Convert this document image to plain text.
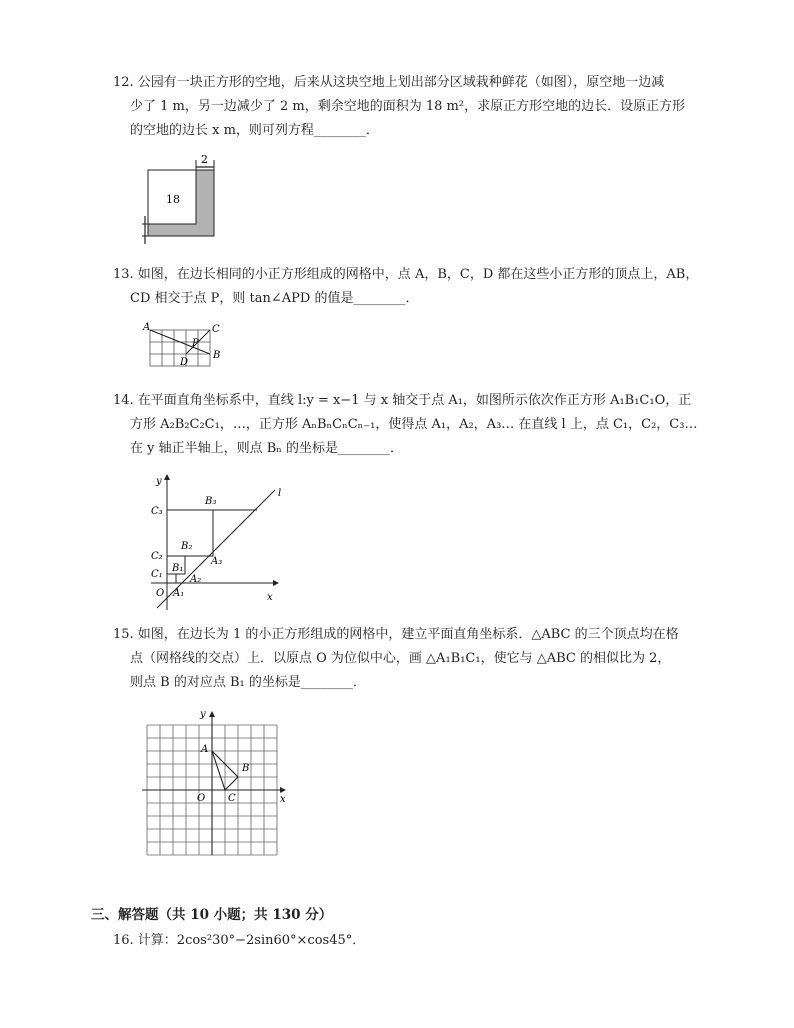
12. 公园有一块正方形的空地，后来从这块空地上划出部分区域栽种鲜花（如图），原空地一边减
少了 1 m，另一边减少了 2 m，剩余空地的面积为 18 m²，求原正方形空地的边长．设原正方形
的空地的边长 x m，则可列方程________．
2
18
13. 如图，在边长相同的小正方形组成的网格中，点 A，B，C，D 都在这些小正方形的顶点上，AB，
CD 相交于点 P，则 tan∠APD 的值是________．
A	C
P
B
D
14. 在平面直角坐标系中，直线 l:y = x−1 与 x 轴交于点 A₁，如图所示依次作正方形 A₁B₁C₁O，正
方形 A₂B₂C₂C₁，…，正方形 AₙBₙCₙCₙ₋₁，使得点 A₁，A₂，A₃… 在直线 l 上，点 C₁，C₂，C₃…
在 y 轴正半轴上，则点 Bₙ 的坐标是________．
y
l
x
O
C₃
C₂
C₁
B₃
B₂
B₁
A₃
A₂
A₁
15. 如图，在边长为 1 的小正方形组成的网格中，建立平面直角坐标系．△ABC 的三个顶点均在格
点（网格线的交点）上．以原点 O 为位似中心，画 △A₁B₁C₁，使它与 △ABC 的相似比为 2，
则点 B 的对应点 B₁ 的坐标是________．
y
x
O
A
B
C
三、解答题（共 10 小题；共 130 分）
16. 计算：2cos²30°−2sin60°×cos45°．
